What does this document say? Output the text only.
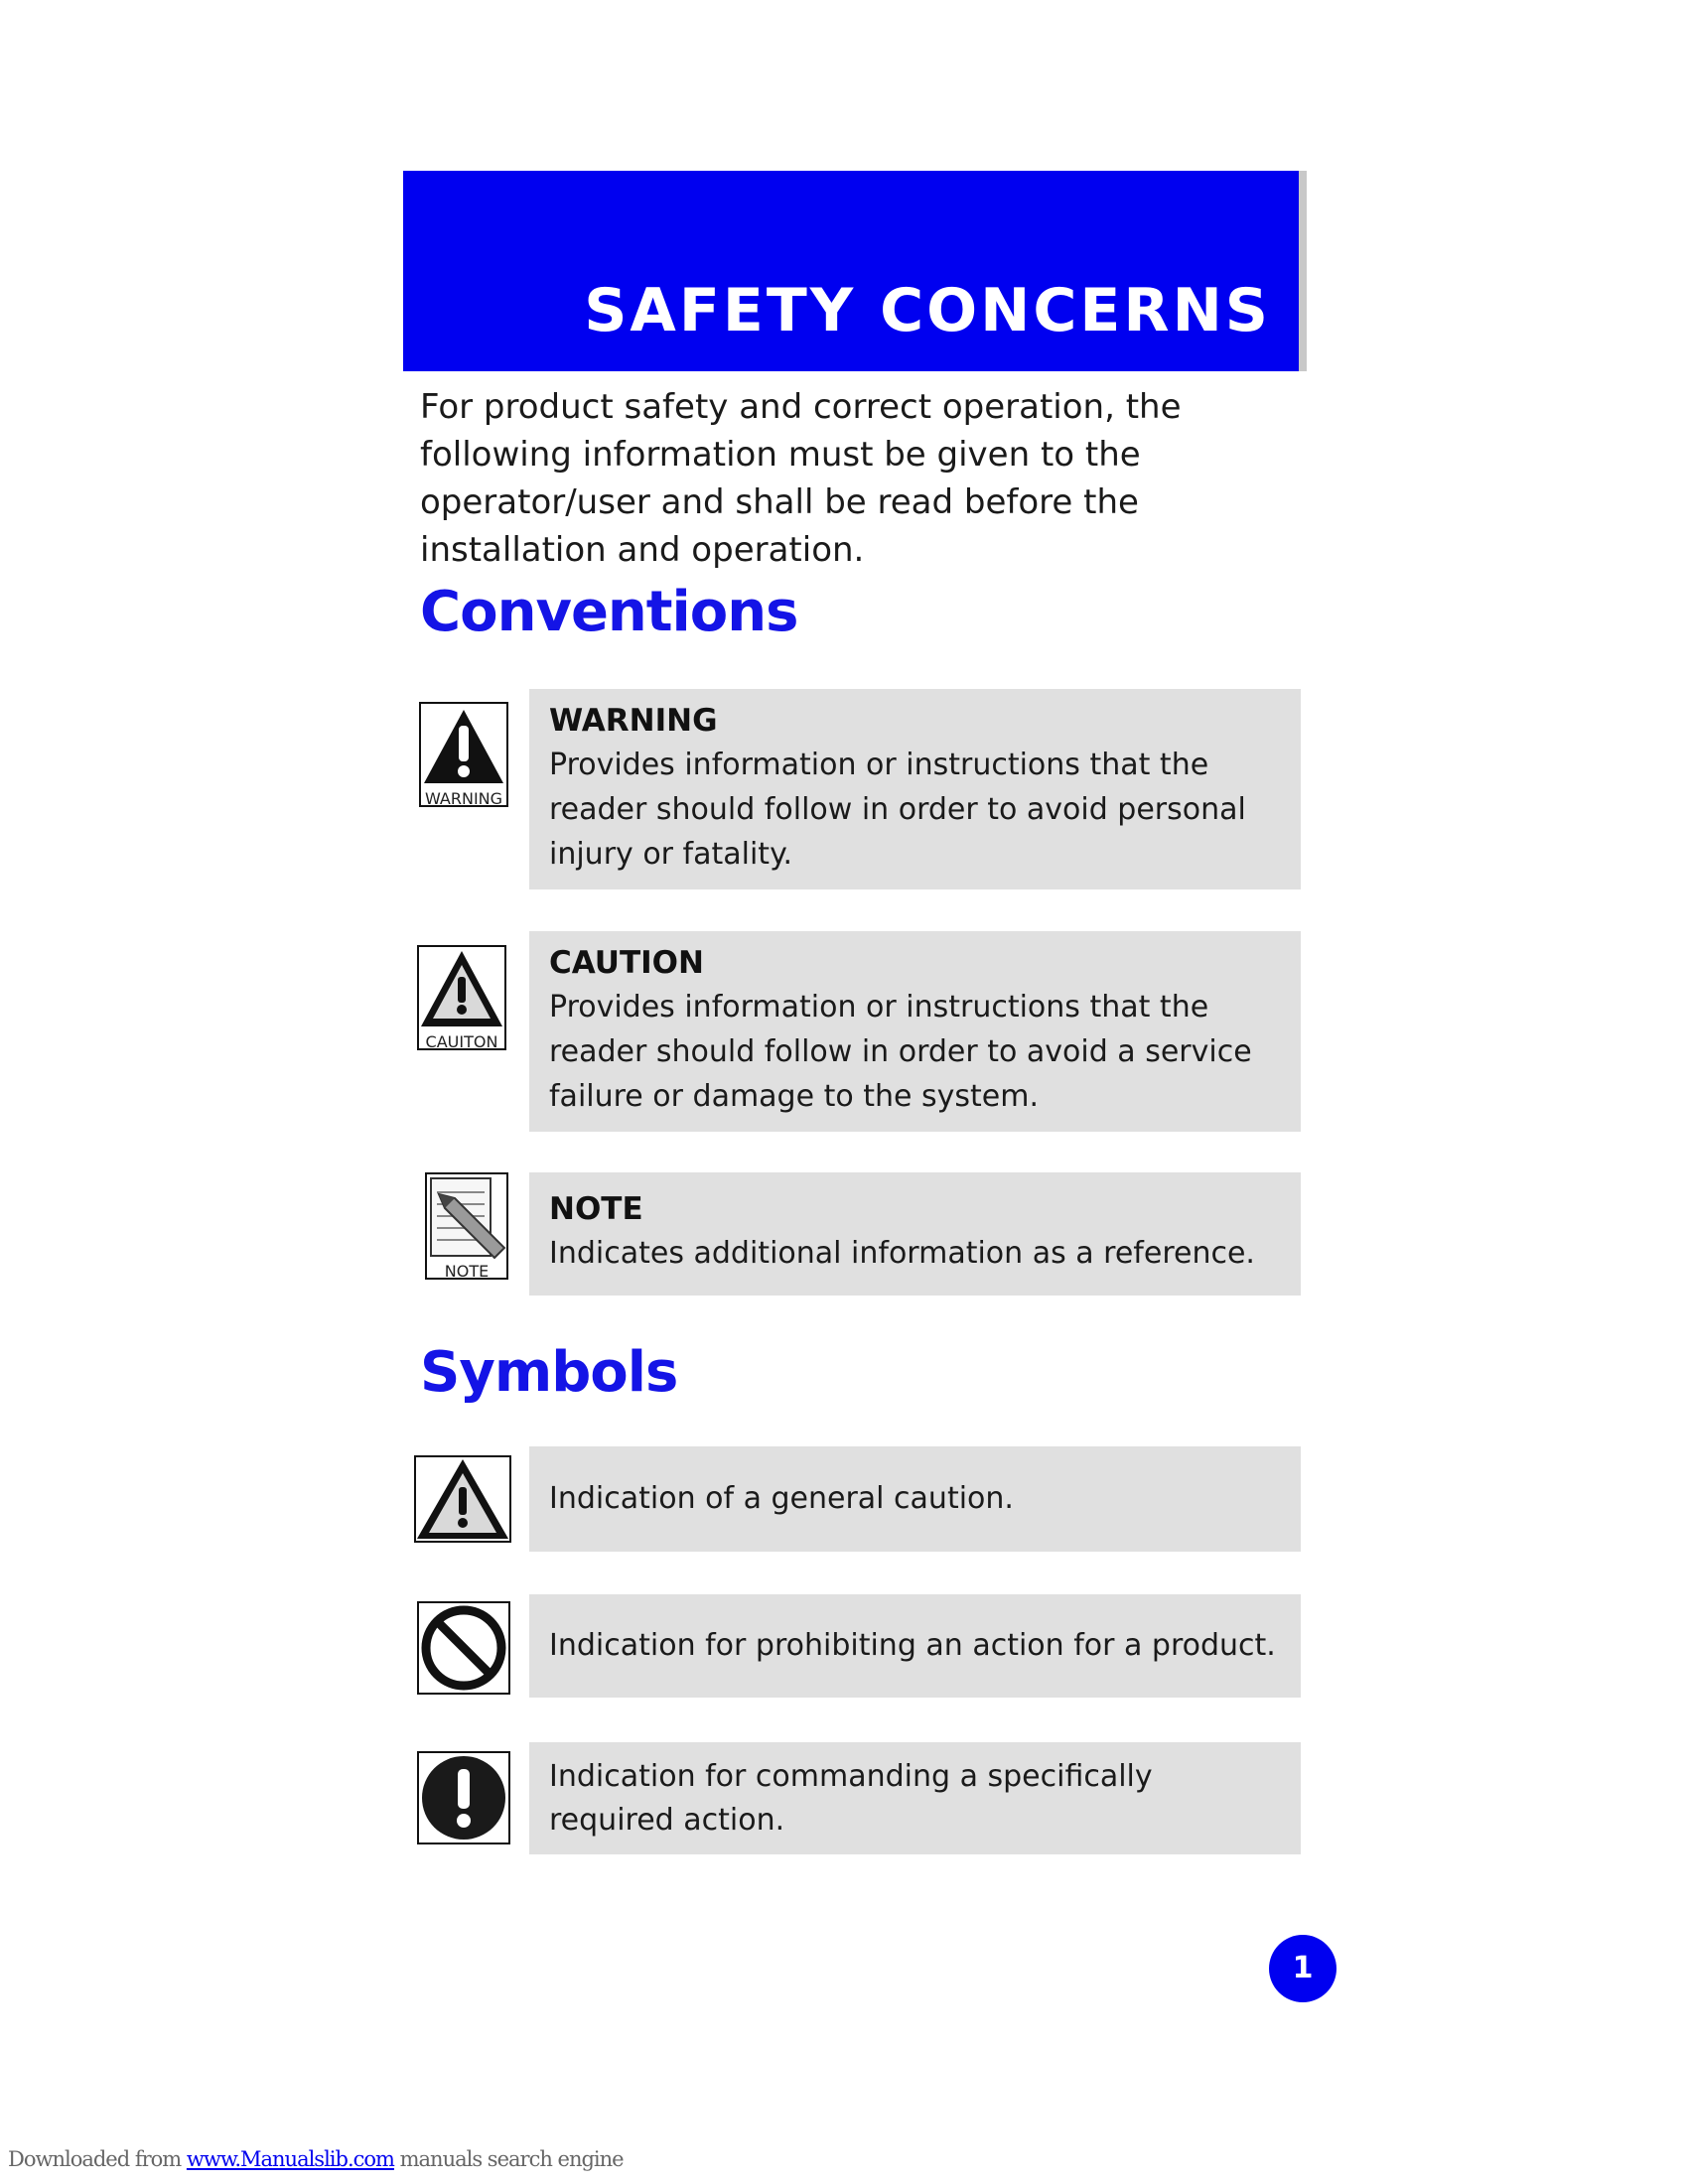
SAFETY CONCERNS
For product safety and correct operation, the following information must be given to the operator/user and shall be read before the installation and operation.
Conventions
WARNING
WARNING
Provides information or instructions that the reader should follow in order to avoid personal injury or fatality.
CAUITON
CAUTION
Provides information or instructions that the reader should follow in order to avoid a service failure or damage to the system.
NOTE
NOTE
Indicates additional information as a reference.
Symbols
Indication of a general caution.
Indication for prohibiting an action for a product.
Indication for commanding a specifically required action.
1
Downloaded from www.Manualslib.com manuals search engine
